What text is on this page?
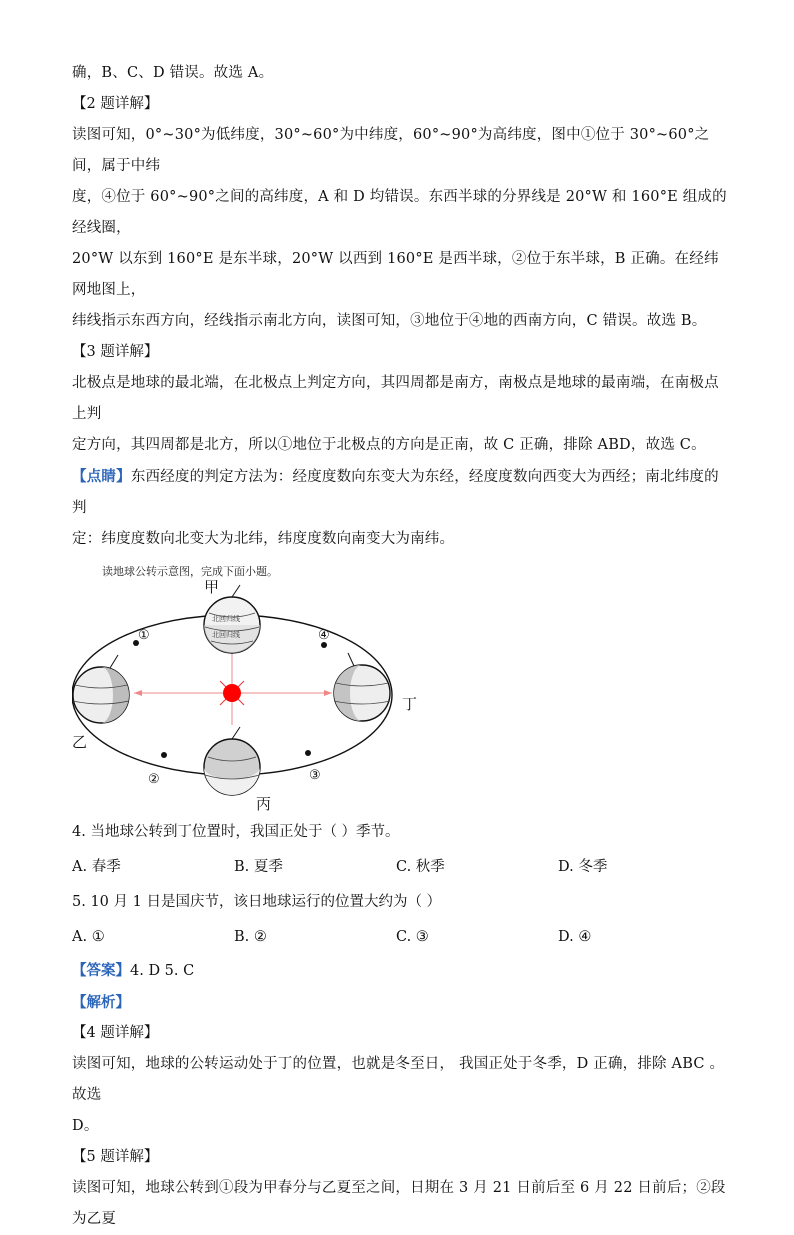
确，B、C、D 错误。故选 A。

【2 题详解】

读图可知，0°~30°为低纬度，30°~60°为中纬度，60°~90°为高纬度，图中①位于 30°~60°之间，属于中纬

度，④位于 60°~90°之间的高纬度，A 和 D 均错误。东西半球的分界线是 20°W 和 160°E 组成的经线圈，

20°W 以东到 160°E 是东半球，20°W 以西到 160°E 是西半球，②位于东半球，B 正确。在经纬网地图上，

纬线指示东西方向，经线指示南北方向，读图可知，③地位于④地的西南方向，C 错误。故选 B。

【3 题详解】

北极点是地球的最北端，在北极点上判定方向，其四周都是南方，南极点是地球的最南端，在南极点上判

定方向，其四周都是北方，所以①地位于北极点的方向是正南，故 C 正确，排除 ABD，故选 C。

【点睛】东西经度的判定方法为：经度度数向东变大为东经，经度度数向西变大为西经；南北纬度的判

定：纬度度数向北变大为北纬，纬度度数向南变大为南纬。

读地球公转示意图，完成下面小题。
北回归线
北回归线
甲
乙
丙
丁
①
②	③
④

4. 当地球公转到丁位置时，我国正处于（ ）季节。

A. 春季	B. 夏季	C. 秋季	D. 冬季

5. 10 月 1 日是国庆节，该日地球运行的位置大约为（ ）

A. ①	B. ②	C. ③	D. ④

【答案】4. D 5. C

【解析】

【4 题详解】

读图可知，地球的公转运动处于丁的位置，也就是冬至日， 我国正处于冬季，D 正确，排除 ABC 。故选

D。

【5 题详解】

读图可知，地球公转到①段为甲春分与乙夏至之间，日期在 3 月 21 日前后至 6 月 22 日前后；②段为乙夏
